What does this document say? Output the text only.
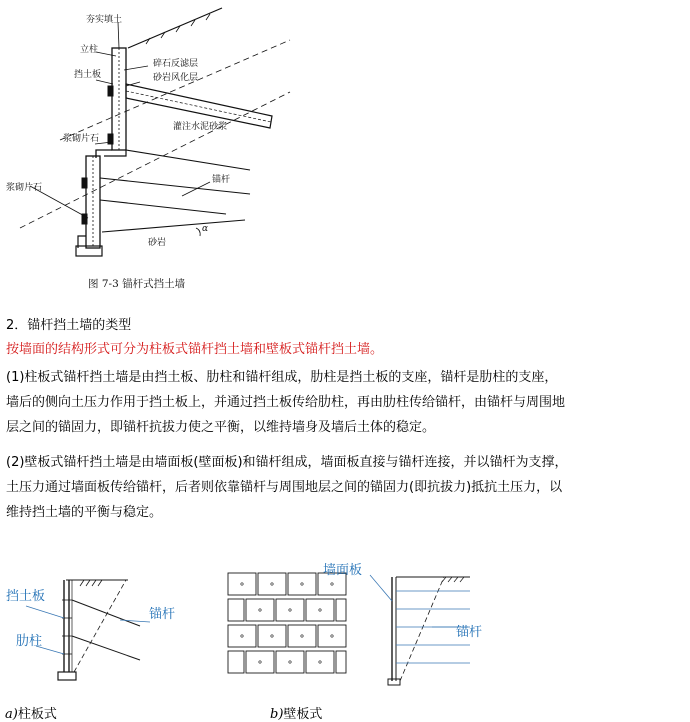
夯实填土
立柱
挡土板
碎石反滤层
砂岩风化层
浆砌片石
灌注水泥砂浆
锚杆
浆砌片石
砂岩
α
图 7-3 锚杆式挡土墙
2．锚杆挡土墙的类型
按墙面的结构形式可分为柱板式锚杆挡土墙和壁板式锚杆挡土墙。
(1)柱板式锚杆挡土墙是由挡土板、肋柱和锚杆组成，肋柱是挡土板的支座，锚杆是肋柱的支座，
墙后的侧向土压力作用于挡土板上，并通过挡土板传给肋柱，再由肋柱传给锚杆，由锚杆与周围地
层之间的锚固力，即锚杆抗拔力使之平衡，以维持墙身及墙后土体的稳定。
(2)壁板式锚杆挡土墙是由墙面板(壁面板)和锚杆组成，墙面板直接与锚杆连接，并以锚杆为支撑，
土压力通过墙面板传给锚杆，后者则依靠锚杆与周围地层之间的锚固力(即抗拔力)抵抗土压力，以
维持挡土墙的平衡与稳定。
挡土板
锚杆
肋柱
a)柱板式
墙面板
锚杆
b)壁板式
